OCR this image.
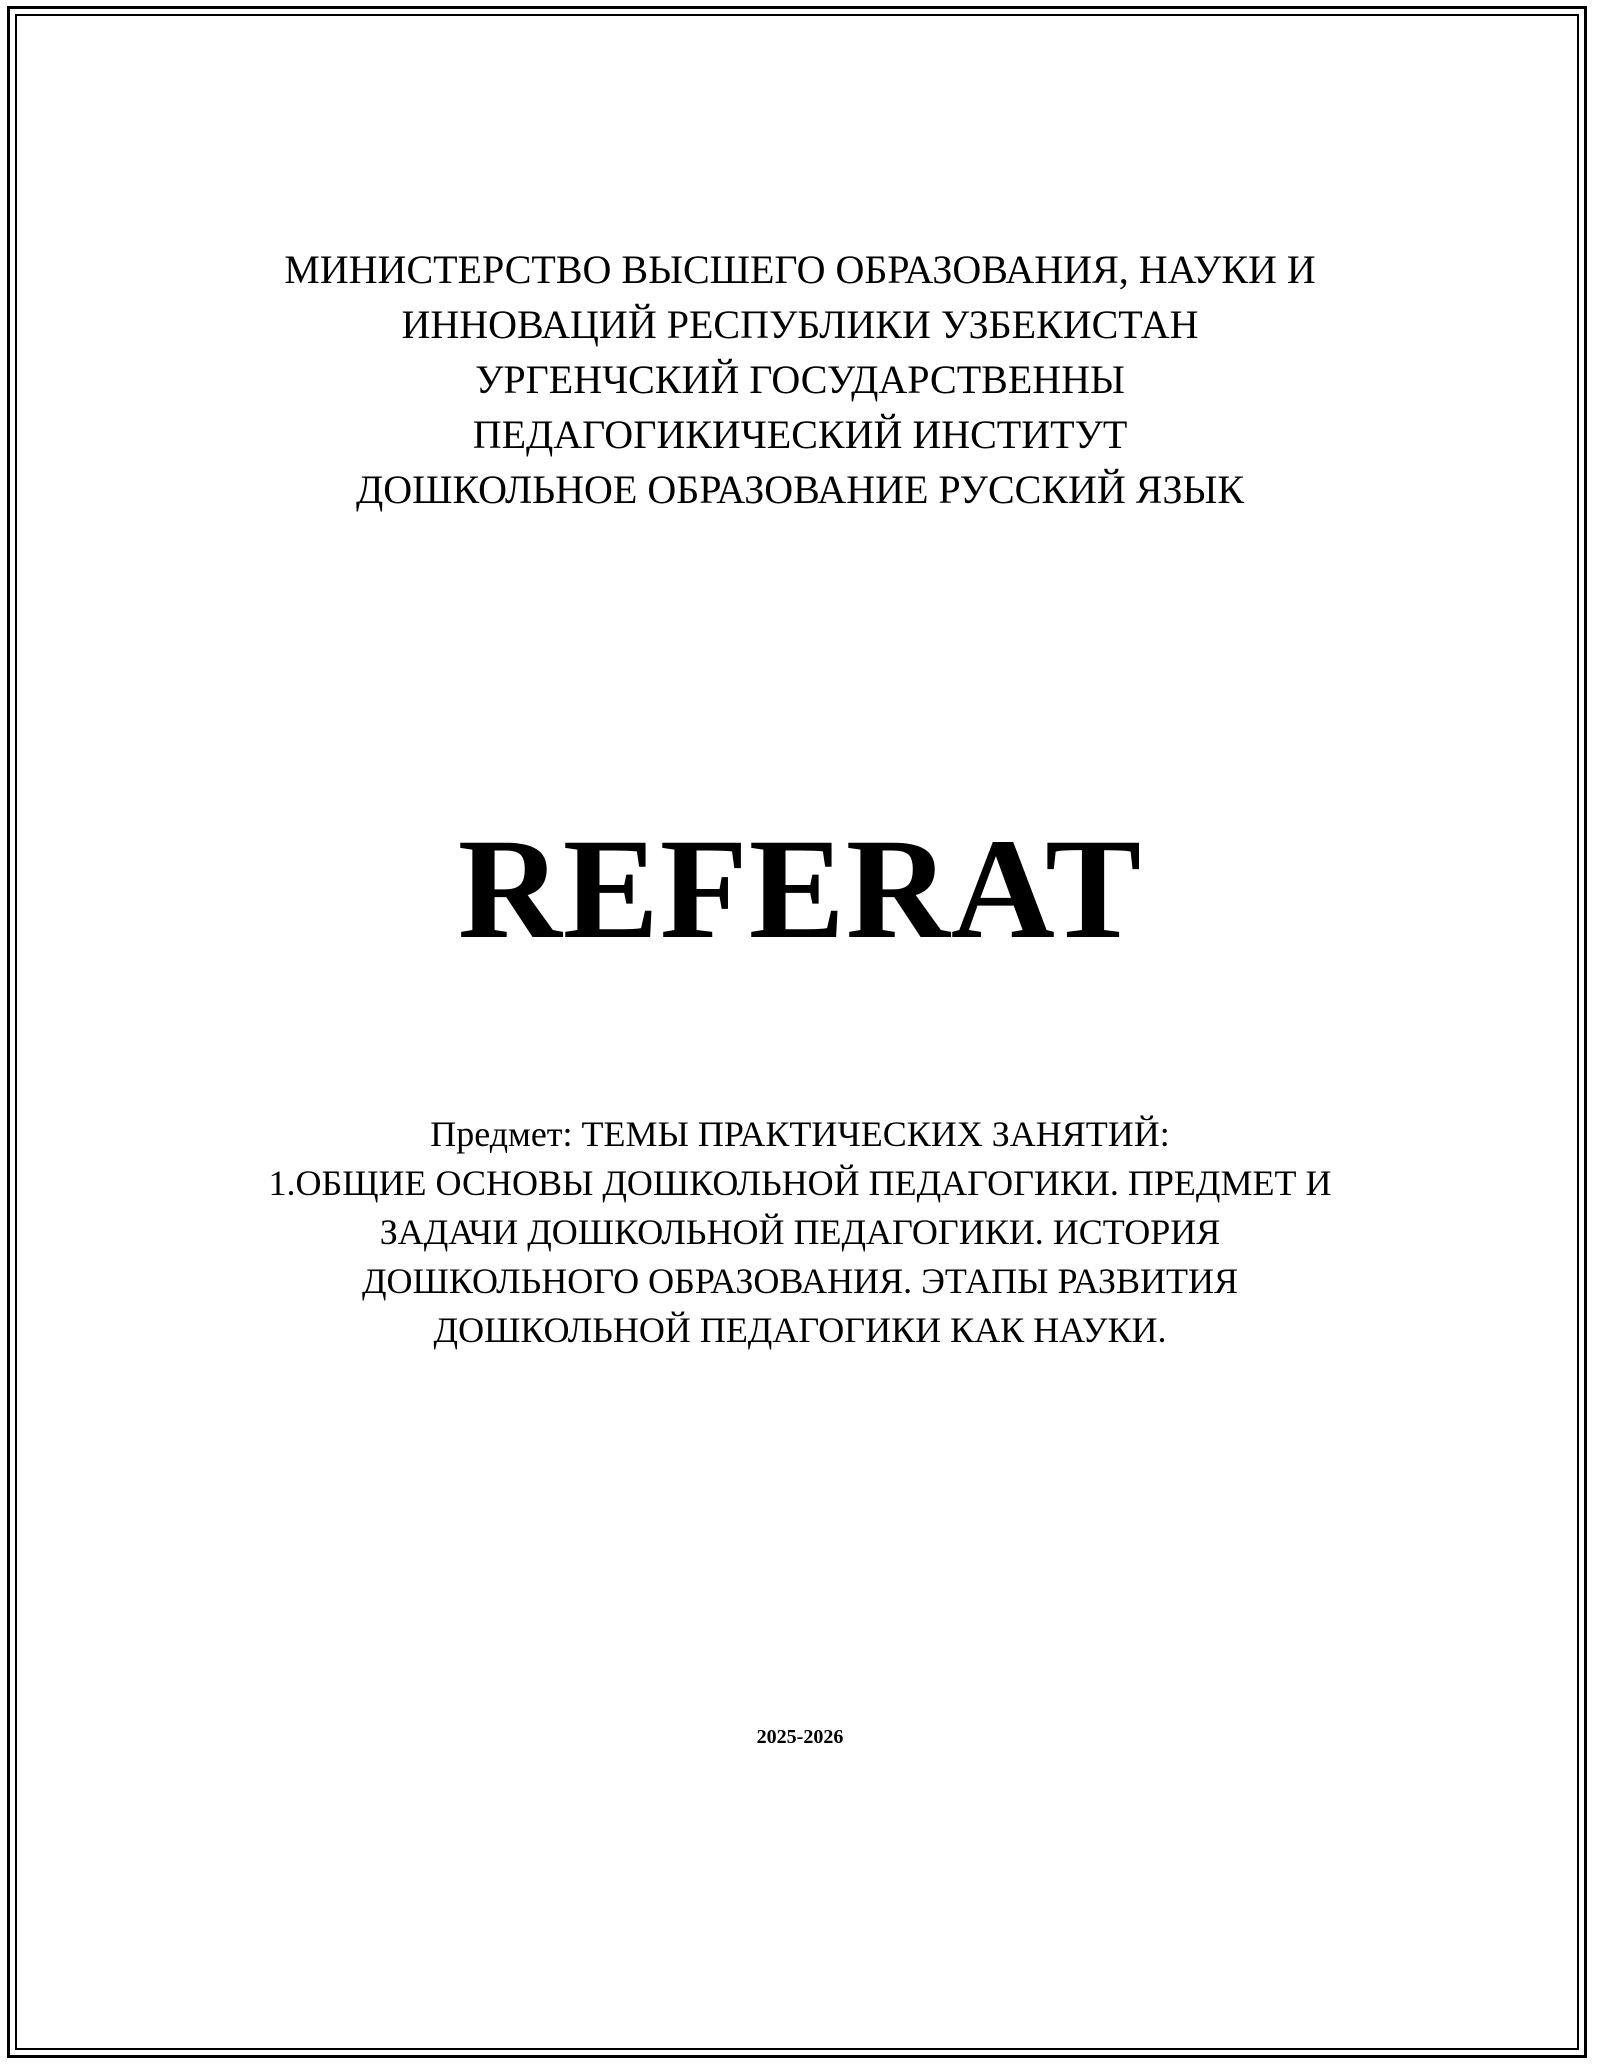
МИНИСТЕРСТВО ВЫСШЕГО ОБРАЗОВАНИЯ, НАУКИ И
ИННОВАЦИЙ РЕСПУБЛИКИ УЗБЕКИСТАН
УРГЕНЧСКИЙ ГОСУДАРСТВЕННЫ
ПЕДАГОГИКИЧЕСКИЙ ИНСТИТУТ
ДОШКОЛЬНОЕ ОБРАЗОВАНИЕ РУССКИЙ ЯЗЫК
REFERAT
Предмет: ТЕМЫ ПРАКТИЧЕСКИХ ЗАНЯТИЙ:
1.ОБЩИЕ ОСНОВЫ ДОШКОЛЬНОЙ ПЕДАГОГИКИ. ПРЕДМЕТ И
ЗАДАЧИ ДОШКОЛЬНОЙ ПЕДАГОГИКИ. ИСТОРИЯ
ДОШКОЛЬНОГО ОБРАЗОВАНИЯ. ЭТАПЫ РАЗВИТИЯ
ДОШКОЛЬНОЙ ПЕДАГОГИКИ КАК НАУКИ.
2025-2026
